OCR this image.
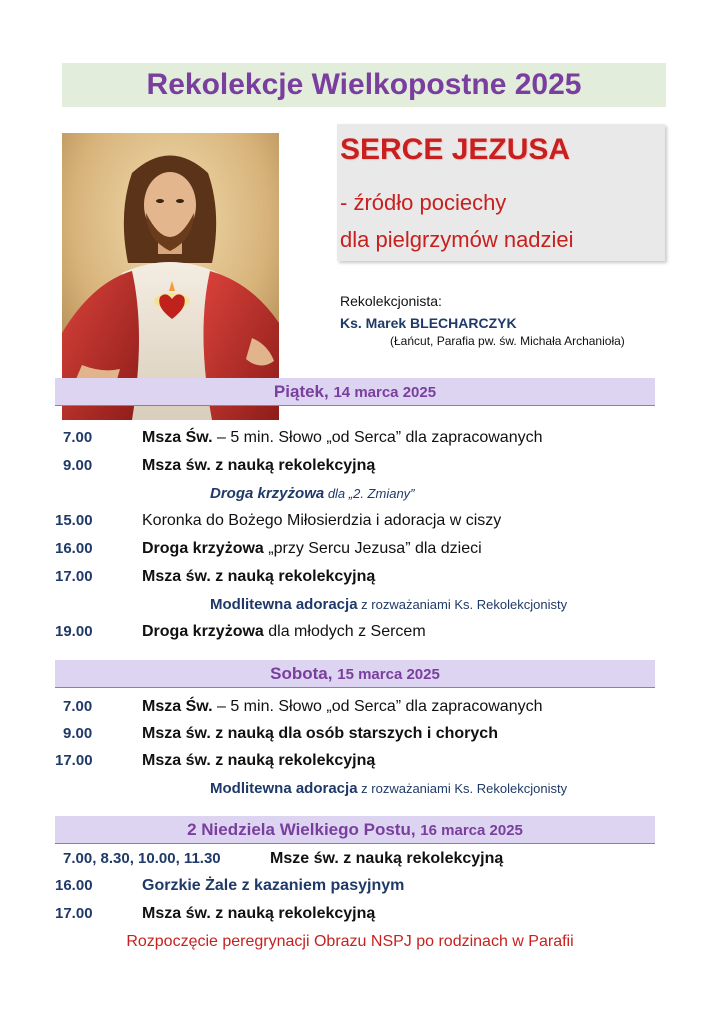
Rekolekcje Wielkopostne 2025
SERCE JEZUSA
- źródło pociechy
dla pielgrzymów nadziei
Rekolekcjonista:
Ks. Marek BLECHARCZYK
(Łańcut, Parafia pw. św. Michała Archanioła)
Piątek, 14 marca 2025
7.00	Msza Św. – 5 min. Słowo „od Serca” dla zapracowanych
9.00	Msza św. z nauką rekolekcyjną
Droga krzyżowa dla „2. Zmiany”
15.00	Koronka do Bożego Miłosierdzia i adoracja w ciszy
16.00	Droga krzyżowa „przy Sercu Jezusa” dla dzieci
17.00	Msza św. z nauką rekolekcyjną
Modlitewna adoracja z rozważaniami Ks. Rekolekcjonisty
19.00	Droga krzyżowa dla młodych z Sercem
Sobota, 15 marca 2025
7.00	Msza Św. – 5 min. Słowo „od Serca” dla zapracowanych
9.00	Msza św. z nauką dla osób starszych i chorych
17.00	Msza św. z nauką rekolekcyjną
Modlitewna adoracja z rozważaniami Ks. Rekolekcjonisty
2 Niedziela Wielkiego Postu, 16 marca 2025
7.00, 8.30, 10.00, 11.30	Msze św. z nauką rekolekcyjną
16.00	Gorzkie Żale z kazaniem pasyjnym
17.00	Msza św. z nauką rekolekcyjną
Rozpoczęcie peregrynacji Obrazu NSPJ po rodzinach w Parafii
